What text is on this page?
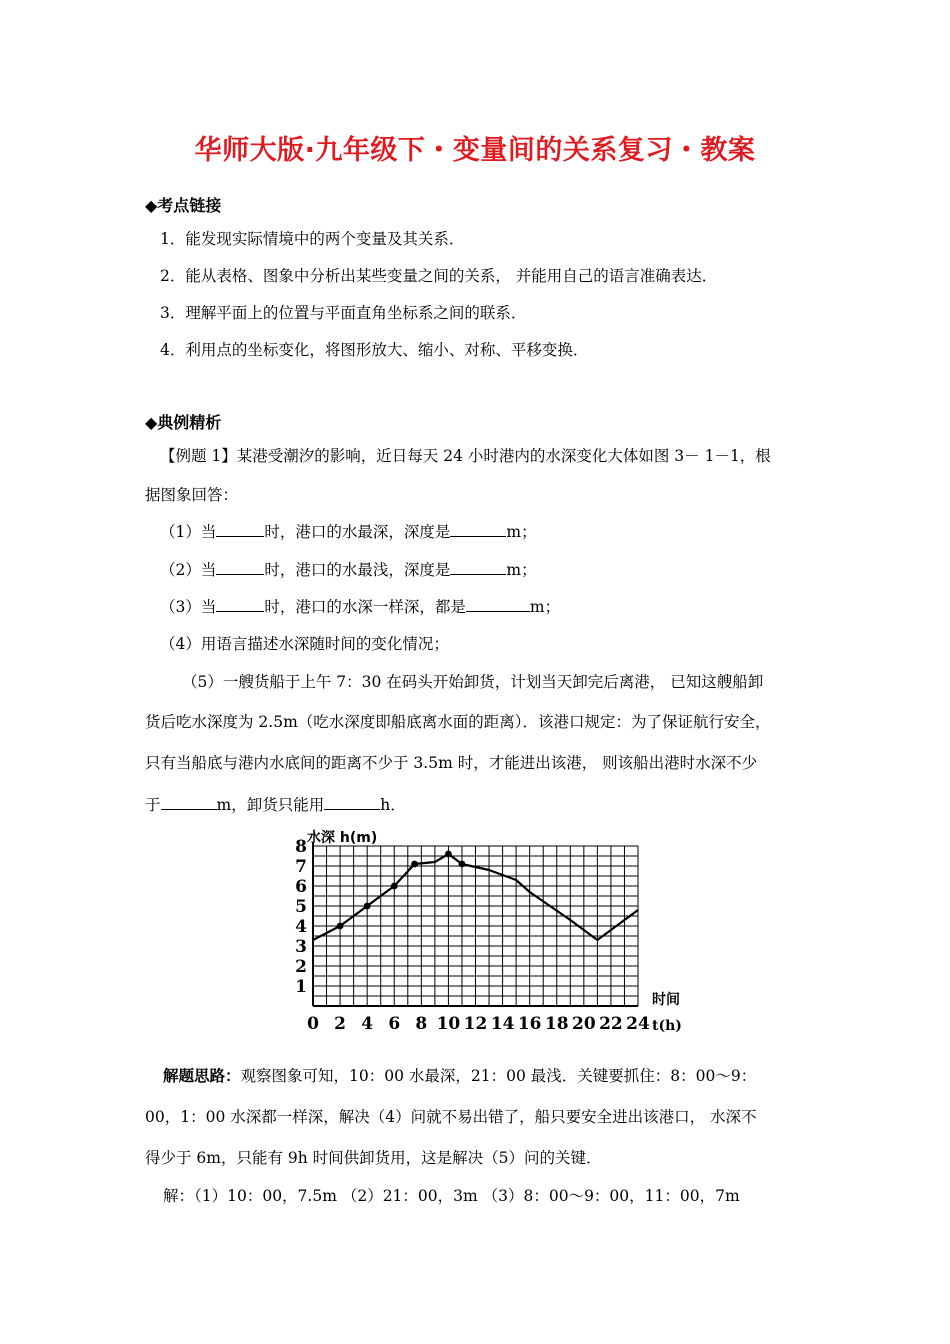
华师大版·九年级下・变量间的关系复习・教案
◆考点链接
1．能发现实际情境中的两个变量及其关系．
2．能从表格、图象中分析出某些变量之间的关系， 并能用自己的语言准确表达．
3．理解平面上的位置与平面直角坐标系之间的联系．
4．利用点的坐标变化，将图形放大、缩小、对称、平移变换．
◆典例精析
【例题 1】某港受潮汐的影响，近日每天 24 小时港内的水深变化大体如图 3－ 1－1，根
据图象回答：
（1）当	时，港口的水最深，深度是	m；
（2）当	时，港口的水最浅，深度是	m；
（3）当	时，港口的水深一样深，都是	m；
（4）用语言描述水深随时间的变化情况；
（5）一艘货船于上午 7：30 在码头开始卸货，计划当天卸完后离港， 已知这艘船卸
货后吃水深度为 2.5m（吃水深度即船底离水面的距离）．该港口规定：为了保证航行安全，
只有当船底与港内水底间的距离不少于 3.5m 时，才能进出该港， 则该船出港时水深不少
于	m，卸货只能用	h．
0 2 4 6 8 10 12 14 16 18 20 22 24
1
2
3
4
5
6
7
8 水深 h(m)
时间
t(h)
解题思路：观察图象可知，10：00 水最深，21：00 最浅．关键要抓住：8：00～9：
00，1：00 水深都一样深，解决（4）问就不易出错了，船只要安全进出该港口， 水深不
得少于 6m，只能有 9h 时间供卸货用，这是解决（5）问的关键．
解：（1）10：00，7.5m （2）21：00，3m （3）8：00～9：00，11：00，7m
